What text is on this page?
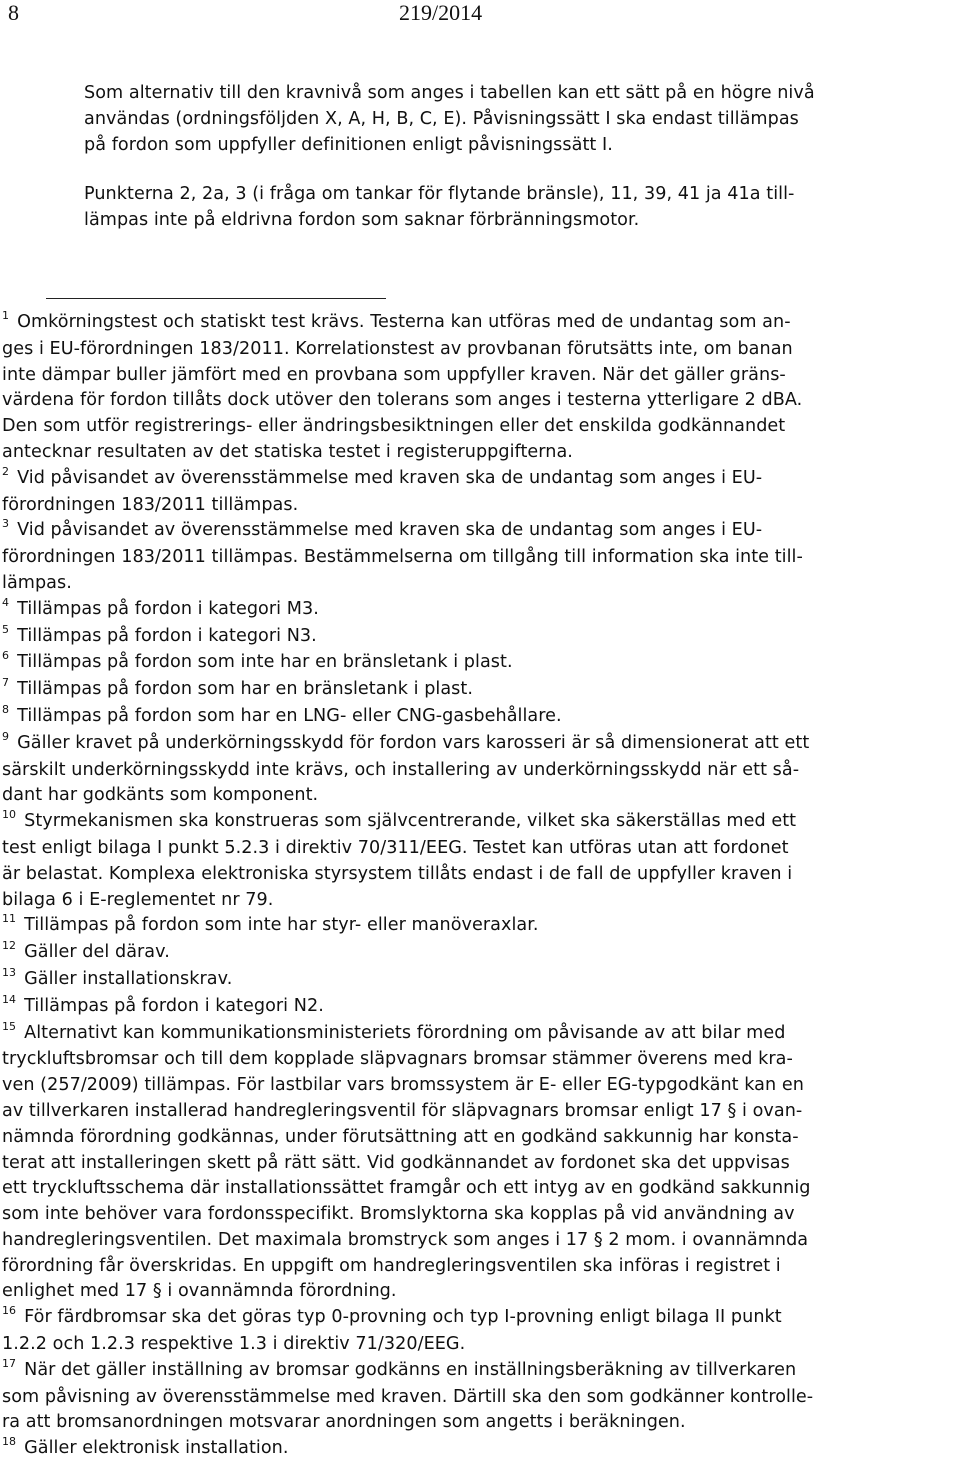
8	219/2014

Som alternativ till den kravnivå som anges i tabellen kan ett sätt på en högre nivå
användas (ordningsföljden X, A, H, B, C, E). Påvisningssätt I ska endast tillämpas
på fordon som uppfyller definitionen enligt påvisningssätt I.

Punkterna 2, 2a, 3 (i fråga om tankar för flytande bränsle), 11, 39, 41 ja 41a till-
lämpas inte på eldrivna fordon som saknar förbränningsmotor.

$^1$ Omkörningstest och statiskt test krävs. Testerna kan utföras med de undantag som an-
ges i EU-förordningen 183/2011. Korrelationstest av provbanan förutsätts inte, om banan
inte dämpar buller jämfört med en provbana som uppfyller kraven. När det gäller gräns-
värdena för fordon tillåts dock utöver den tolerans som anges i testerna ytterligare 2 dBA.
Den som utför registrerings- eller ändringsbesiktningen eller det enskilda godkännandet
antecknar resultaten av det statiska testet i registeruppgifterna.
$^2$ Vid påvisandet av överensstämmelse med kraven ska de undantag som anges i EU-
förordningen 183/2011 tillämpas.
$^3$ Vid påvisandet av överensstämmelse med kraven ska de undantag som anges i EU-
förordningen 183/2011 tillämpas. Bestämmelserna om tillgång till information ska inte till-
lämpas.
$^4$ Tillämpas på fordon i kategori M3.
$^5$ Tillämpas på fordon i kategori N3.
$^6$ Tillämpas på fordon som inte har en bränsletank i plast.
$^7$ Tillämpas på fordon som har en bränsletank i plast.
$^8$ Tillämpas på fordon som har en LNG- eller CNG-gasbehållare.
$^9$ Gäller kravet på underkörningsskydd för fordon vars karosseri är så dimensionerat att ett
särskilt underkörningsskydd inte krävs, och installering av underkörningsskydd när ett så-
dant har godkänts som komponent.
$^{10}$ Styrmekanismen ska konstrueras som självcentrerande, vilket ska säkerställas med ett
test enligt bilaga I punkt 5.2.3 i direktiv 70/311/EEG. Testet kan utföras utan att fordonet
är belastat. Komplexa elektroniska styrsystem tillåts endast i de fall de uppfyller kraven i
bilaga 6 i E-reglementet nr 79.
$^{11}$ Tillämpas på fordon som inte har styr- eller manöveraxlar.
$^{12}$ Gäller del därav.
$^{13}$ Gäller installationskrav.
$^{14}$ Tillämpas på fordon i kategori N2.
$^{15}$ Alternativt kan kommunikationsministeriets förordning om påvisande av att bilar med
tryckluftsbromsar och till dem kopplade släpvagnars bromsar stämmer överens med kra-
ven (257/2009) tillämpas. För lastbilar vars bromssystem är E- eller EG-typgodkänt kan en
av tillverkaren installerad handregleringsventil för släpvagnars bromsar enligt 17 § i ovan-
nämnda förordning godkännas, under förutsättning att en godkänd sakkunnig har konsta-
terat att installeringen skett på rätt sätt. Vid godkännandet av fordonet ska det uppvisas
ett tryckluftsschema där installationssättet framgår och ett intyg av en godkänd sakkunnig
som inte behöver vara fordonsspecifikt. Bromslyktorna ska kopplas på vid användning av
handregleringsventilen. Det maximala bromstryck som anges i 17 § 2 mom. i ovannämnda
förordning får överskridas. En uppgift om handregleringsventilen ska införas i registret i
enlighet med 17 § i ovannämnda förordning.
$^{16}$ För färdbromsar ska det göras typ 0-provning och typ I-provning enligt bilaga II punkt
1.2.2 och 1.2.3 respektive 1.3 i direktiv 71/320/EEG.
$^{17}$ När det gäller inställning av bromsar godkänns en inställningsberäkning av tillverkaren
som påvisning av överensstämmelse med kraven. Därtill ska den som godkänner kontrolle-
ra att bromsanordningen motsvarar anordningen som angetts i beräkningen.
$^{18}$ Gäller elektronisk installation.
